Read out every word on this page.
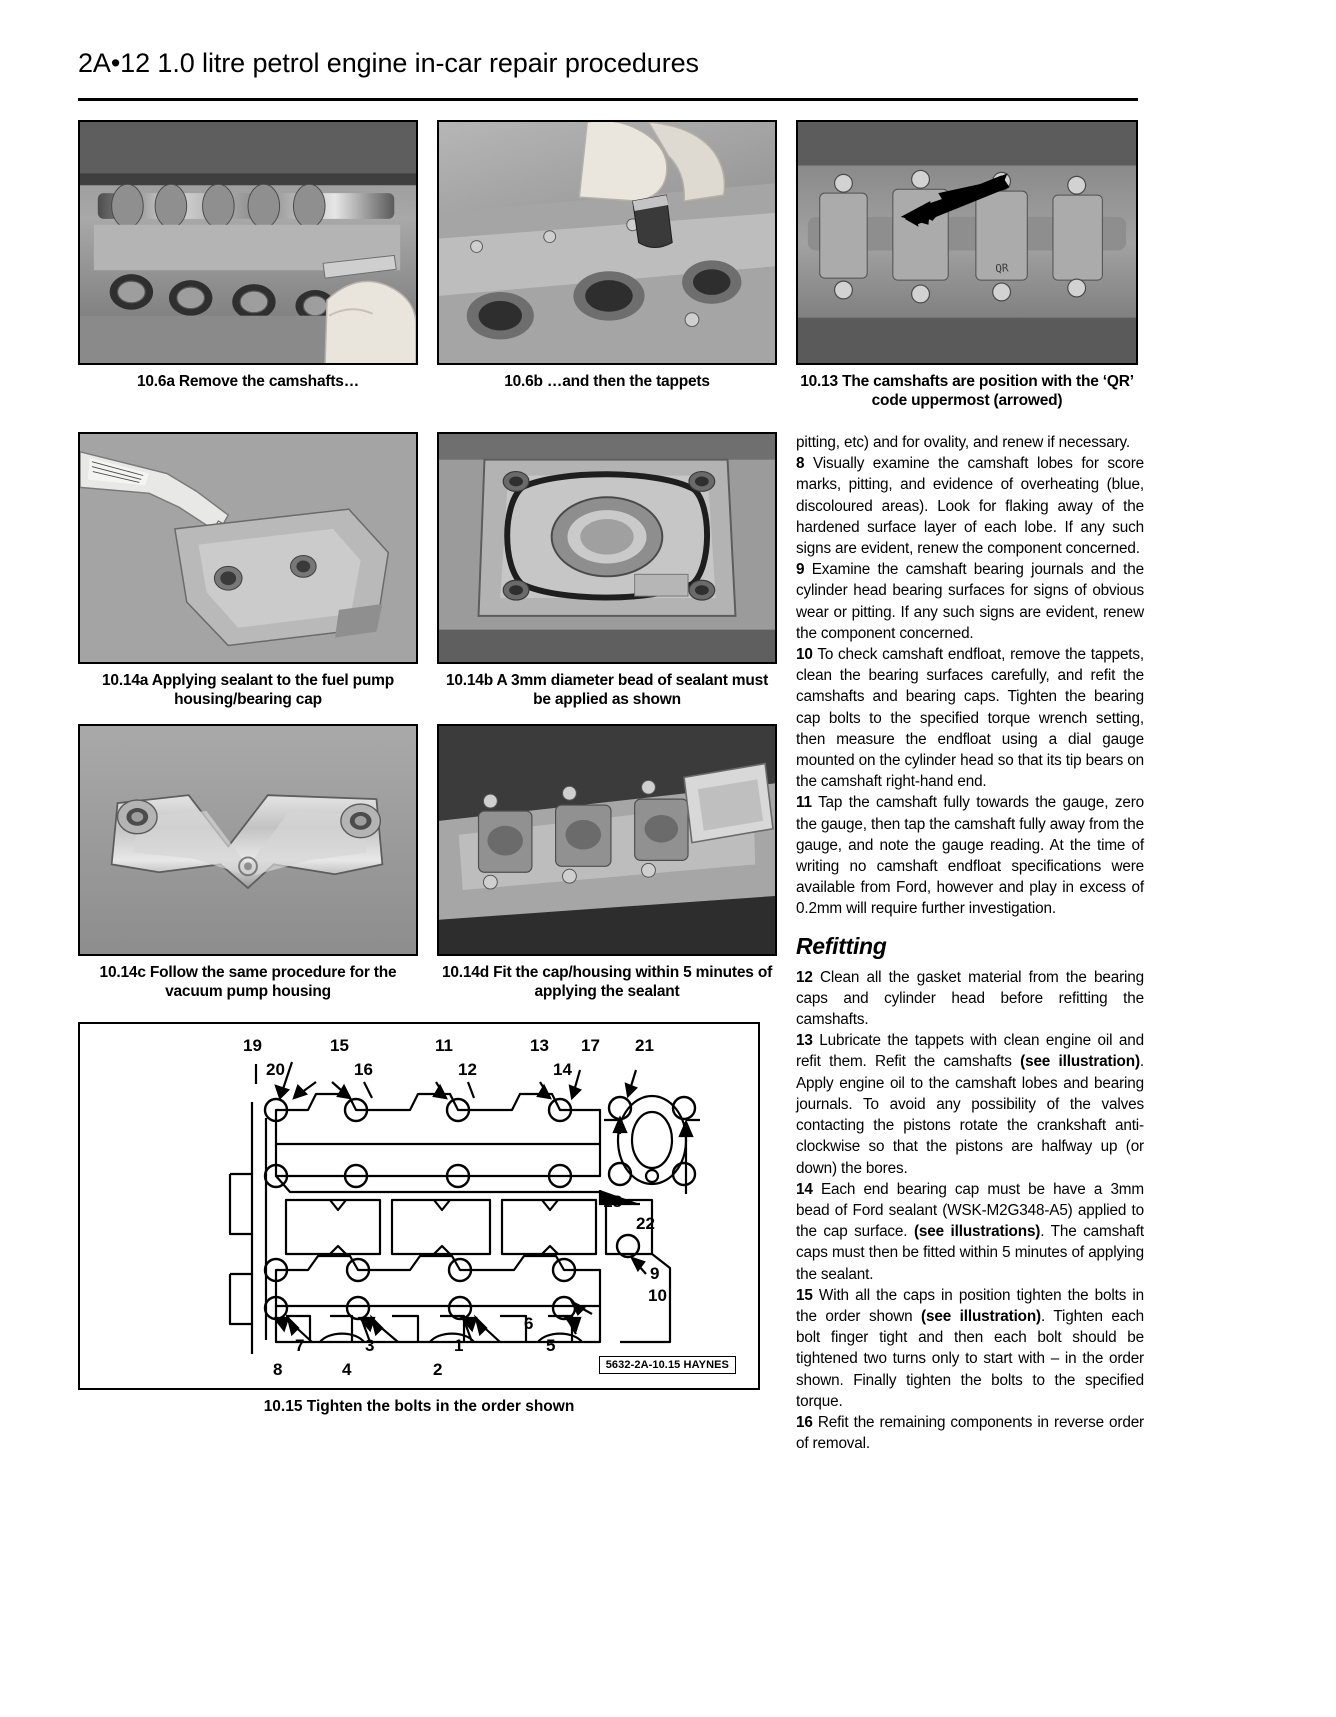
2A•12 1.0 litre petrol engine in-car repair procedures
10.6a Remove the camshafts…	10.6b …and then the tappets
QR
10.13 The camshafts are position with the ‘QR’ code uppermost (arrowed)
10.14a Applying sealant to the fuel pump housing/bearing cap
10.14b A 3mm diameter bead of sealant must be applied as shown
10.14c Follow the same procedure for the vacuum pump housing
10.14d Fit the cap/housing within 5 minutes of applying the sealant

pitting, etc) and for ovality, and renew if necessary.

8 Visually examine the camshaft lobes for score marks, pitting, and evidence of overheating (blue, discoloured areas). Look for flaking away of the hardened surface layer of each lobe. If any such signs are evident, renew the component concerned.

9 Examine the camshaft bearing journals and the cylinder head bearing surfaces for signs of obvious wear or pitting. If any such signs are evident, renew the component concerned.

10 To check camshaft endfloat, remove the tappets, clean the bearing surfaces carefully, and refit the camshafts and bearing caps. Tighten the bearing cap bolts to the specified torque wrench setting, then measure the endfloat using a dial gauge mounted on the cylinder head so that its tip bears on the camshaft right-hand end.

11 Tap the camshaft fully towards the gauge, zero the gauge, then tap the camshaft fully away from the gauge, and note the gauge reading. At the time of writing no camshaft endfloat specifications were available from Ford, however and play in excess of 0.2mm will require further investigation.

Refitting

12 Clean all the gasket material from the bearing caps and cylinder head before refitting the camshafts.

13 Lubricate the tappets with clean engine oil and refit them. Refit the camshafts (see illustration). Apply engine oil to the camshaft lobes and bearing journals. To avoid any possibility of the valves contacting the pistons rotate the crankshaft anti-clockwise so that the pistons are halfway up (or down) the bores.

14 Each end bearing cap must be have a 3mm bead of Ford sealant (WSK-M2G348-A5) applied to the cap surface. (see illustrations). The camshaft caps must then be fitted within 5 minutes of applying the sealant.

15 With all the caps in position tighten the bolts in the order shown (see illustration). Tighten each bolt finger tight and then each bolt should be tightened two turns only to start with – in the order shown. Finally tighten the bolts to the specified torque.

16 Refit the remaining components in reverse order of removal.

19
20
15
16
11
12
13
14
17 21
18
22
9
10
7
8
3
4
1
2
5
6
5632-2A-10.15 HAYNES
10.15 Tighten the bolts in the order shown
